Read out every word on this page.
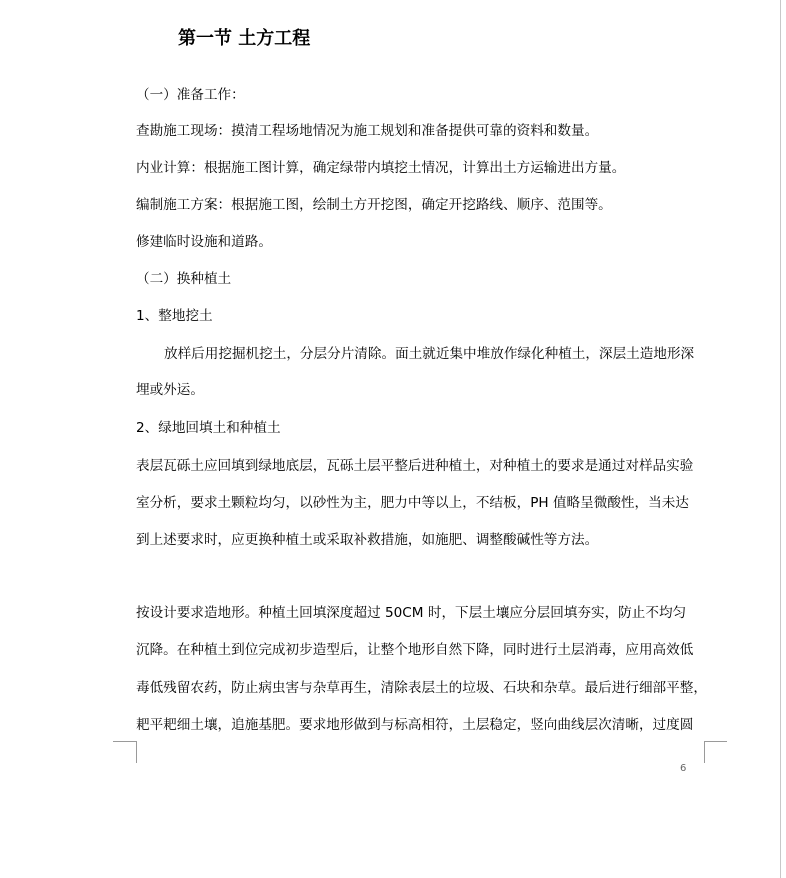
第一节 土方工程
（一）准备工作：
查勘施工现场：摸清工程场地情况为施工规划和准备提供可靠的资料和数量。
内业计算：根据施工图计算，确定绿带内填挖土情况，计算出土方运输进出方量。
编制施工方案：根据施工图，绘制土方开挖图，确定开挖路线、顺序、范围等。
修建临时设施和道路。
（二）换种植土
1、整地挖土
放样后用挖掘机挖土，分层分片清除。面土就近集中堆放作绿化种植土，深层土造地形深
埋或外运。
2、绿地回填土和种植土
表层瓦砾土应回填到绿地底层，瓦砾土层平整后进种植土，对种植土的要求是通过对样品实验
室分析，要求土颗粒均匀，以砂性为主，肥力中等以上，不结板，PH 值略呈微酸性，当未达
到上述要求时，应更换种植土或采取补救措施，如施肥、调整酸碱性等方法。
按设计要求造地形。种植土回填深度超过 50CM 时，下层土壤应分层回填夯实，防止不均匀
沉降。在种植土到位完成初步造型后，让整个地形自然下降，同时进行土层消毒，应用高效低
毒低残留农药，防止病虫害与杂草再生，清除表层土的垃圾、石块和杂草。最后进行细部平整，
耙平耙细土壤，追施基肥。要求地形做到与标高相符，土层稳定，竖向曲线层次清晰，过度圆
6
